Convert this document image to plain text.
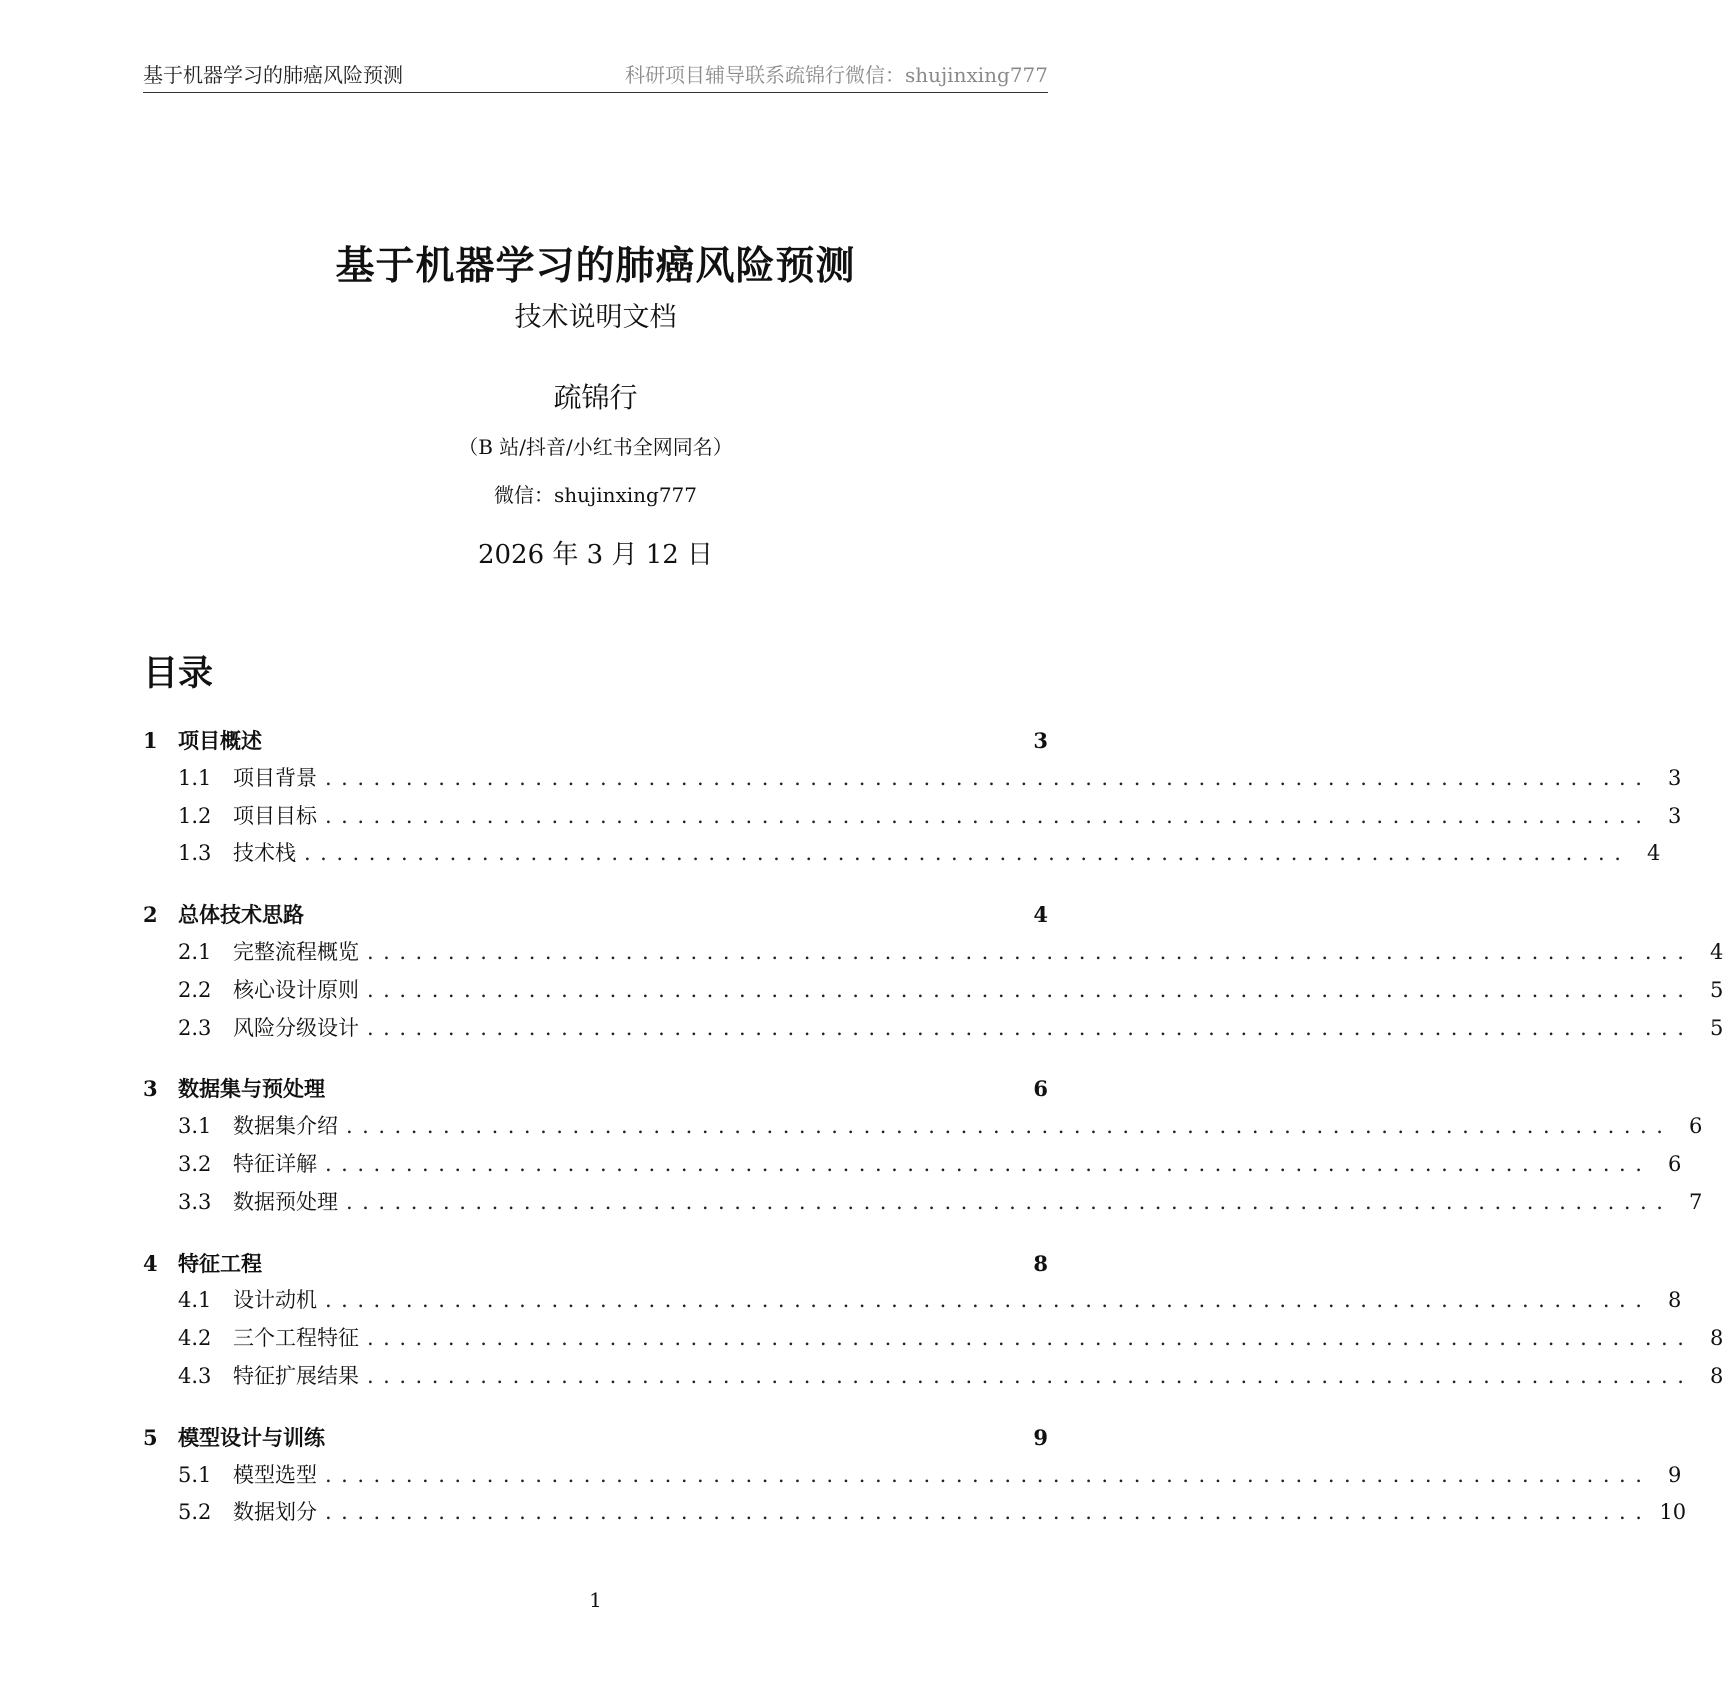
基于机器学习的肺癌风险预测	科研项目辅导联系疏锦行微信：shujinxing777
基于机器学习的肺癌风险预测
技术说明文档
疏锦行
（B 站/抖音/小红书全网同名）
微信：shujinxing777
2026 年 3 月 12 日
目录
1 项目概述	3
1.1	项目背景 .................................................................................. 3
1.2	项目目标 .................................................................................. 3
1.3	技术栈 .................................................................................. 4
2 总体技术思路	4
2.1	完整流程概览 .................................................................................. 4
2.2	核心设计原则 .................................................................................. 5
2.3	风险分级设计 .................................................................................. 5
3 数据集与预处理	6
3.1	数据集介绍 .................................................................................. 6
3.2	特征详解 .................................................................................. 6
3.3	数据预处理 .................................................................................. 7
4 特征工程	8
4.1	设计动机 .................................................................................. 8
4.2	三个工程特征 .................................................................................. 8
4.3	特征扩展结果 .................................................................................. 8
5 模型设计与训练	9
5.1	模型选型 .................................................................................. 9
5.2	数据划分 .................................................................................. 10
1
